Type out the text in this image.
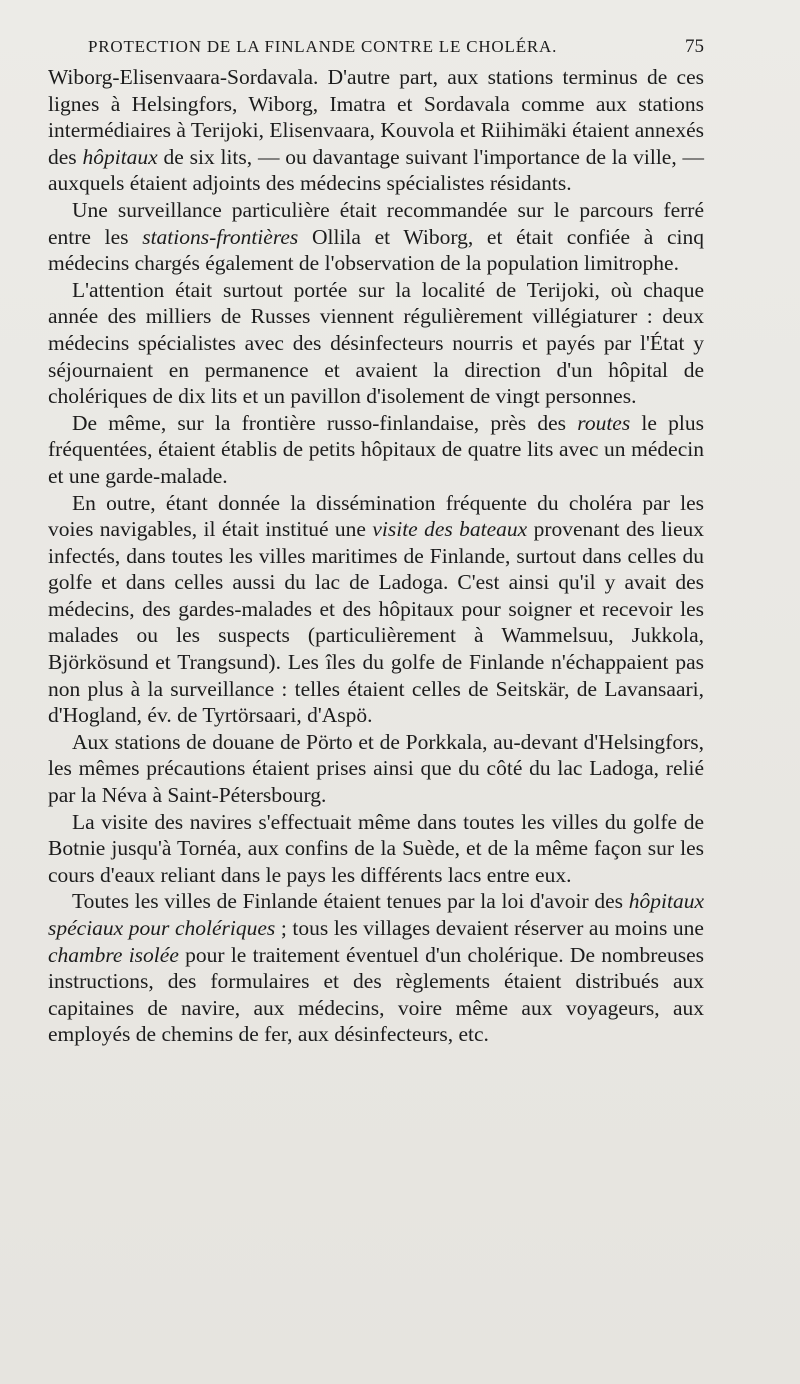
PROTECTION DE LA FINLANDE CONTRE LE CHOLÉRA.	75

Wiborg-Elisenvaara-Sordavala. D'autre part, aux stations terminus de ces lignes à Helsingfors, Wiborg, Imatra et Sordavala comme aux stations intermédiaires à Terijoki, Elisenvaara, Kouvola et Riihimäki étaient annexés des hôpitaux de six lits, — ou davantage suivant l'importance de la ville, — auxquels étaient adjoints des médecins spécialistes résidants.

Une surveillance particulière était recommandée sur le parcours ferré entre les stations-frontières Ollila et Wiborg, et était confiée à cinq médecins chargés également de l'observation de la population limitrophe.

L'attention était surtout portée sur la localité de Terijoki, où chaque année des milliers de Russes viennent régulièrement villégiaturer : deux médecins spécialistes avec des désinfecteurs nourris et payés par l'État y séjournaient en permanence et avaient la direction d'un hôpital de cholériques de dix lits et un pavillon d'isolement de vingt personnes.

De même, sur la frontière russo-finlandaise, près des routes le plus fréquentées, étaient établis de petits hôpitaux de quatre lits avec un médecin et une garde-malade.

En outre, étant donnée la dissémination fréquente du choléra par les voies navigables, il était institué une visite des bateaux provenant des lieux infectés, dans toutes les villes maritimes de Finlande, surtout dans celles du golfe et dans celles aussi du lac de Ladoga. C'est ainsi qu'il y avait des médecins, des gardes-malades et des hôpitaux pour soigner et recevoir les malades ou les suspects (particulièrement à Wammelsuu, Jukkola, Björkösund et Trangsund). Les îles du golfe de Finlande n'échappaient pas non plus à la surveillance : telles étaient celles de Seitskär, de Lavansaari, d'Hogland, év. de Tyrtörsaari, d'Aspö.

Aux stations de douane de Pörto et de Porkkala, au-devant d'Helsingfors, les mêmes précautions étaient prises ainsi que du côté du lac Ladoga, relié par la Néva à Saint-Pétersbourg.

La visite des navires s'effectuait même dans toutes les villes du golfe de Botnie jusqu'à Tornéa, aux confins de la Suède, et de la même façon sur les cours d'eaux reliant dans le pays les différents lacs entre eux.

Toutes les villes de Finlande étaient tenues par la loi d'avoir des hôpitaux spéciaux pour cholériques ; tous les villages devaient réserver au moins une chambre isolée pour le traitement éventuel d'un cholérique. De nombreuses instructions, des formulaires et des règlements étaient distribués aux capitaines de navire, aux médecins, voire même aux voyageurs, aux employés de chemins de fer, aux désinfecteurs, etc.
